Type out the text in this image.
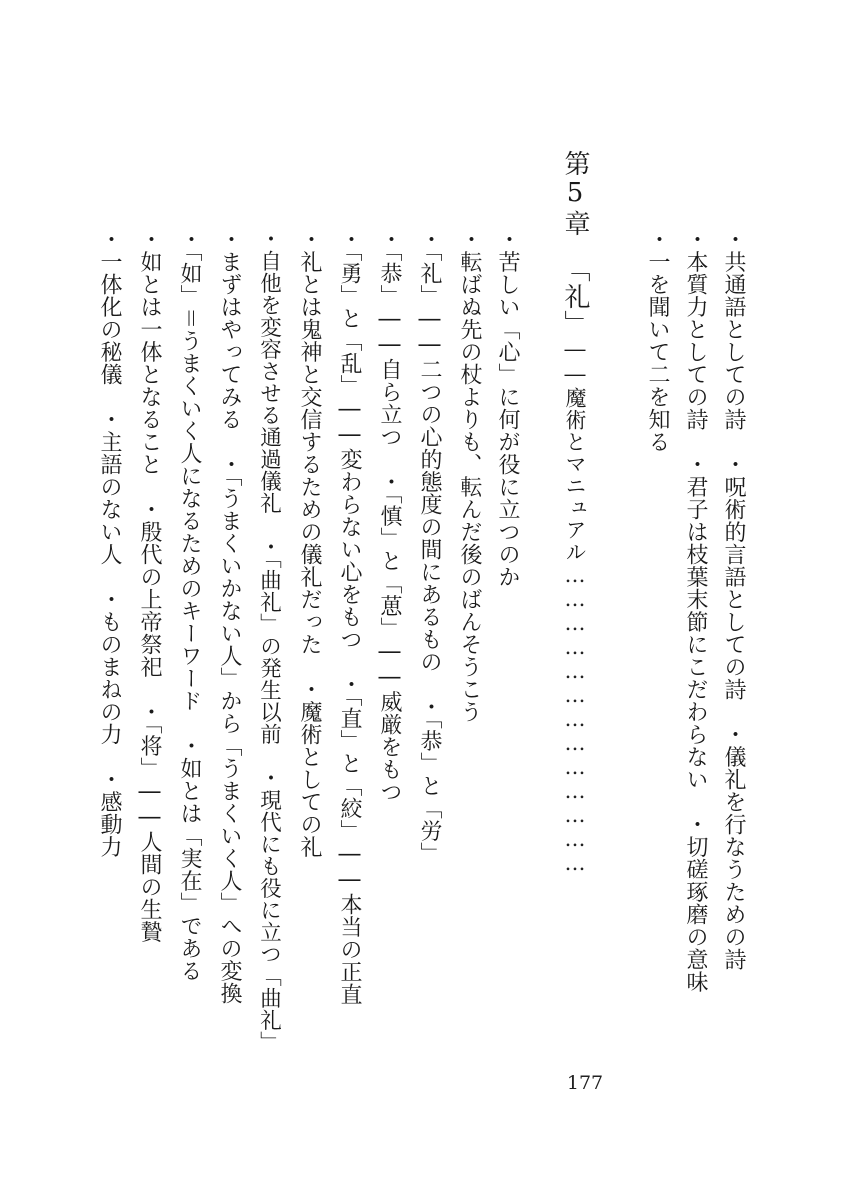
・共通語としての詩　・呪術的言語としての詩　・儀礼を行なうための詩
・本質力としての詩　・君子は枝葉末節にこだわらない　・切磋琢磨の意味
・一を聞いて二を知る
第5章「礼」――魔術とマニュアル…………………………………
177
・苦しい「心」に何が役に立つのか
・転ばぬ先の杖よりも、転んだ後のばんそうこう
・「礼」――二つの心的態度の間にあるもの　・「恭」と「労」
・「恭」――自ら立つ　・「慎」と「葸」――威厳をもつ
・「勇」と「乱」――変わらない心をもつ　・「直」と「絞」――本当の正直
・礼とは鬼神と交信するための儀礼だった　・魔術としての礼
・自他を変容させる通過儀礼　・「曲礼」の発生以前　・現代にも役に立つ「曲礼」
・まずはやってみる　・「うまくいかない人」から「うまくいく人」への変換
・「如」＝うまくいく人になるためのキーワード　・如とは「実在」である
・如とは一体となること　・殷代の上帝祭祀　・「将」――人間の生贄
・一体化の秘儀　・主語のない人　・ものまねの力　・感動力
